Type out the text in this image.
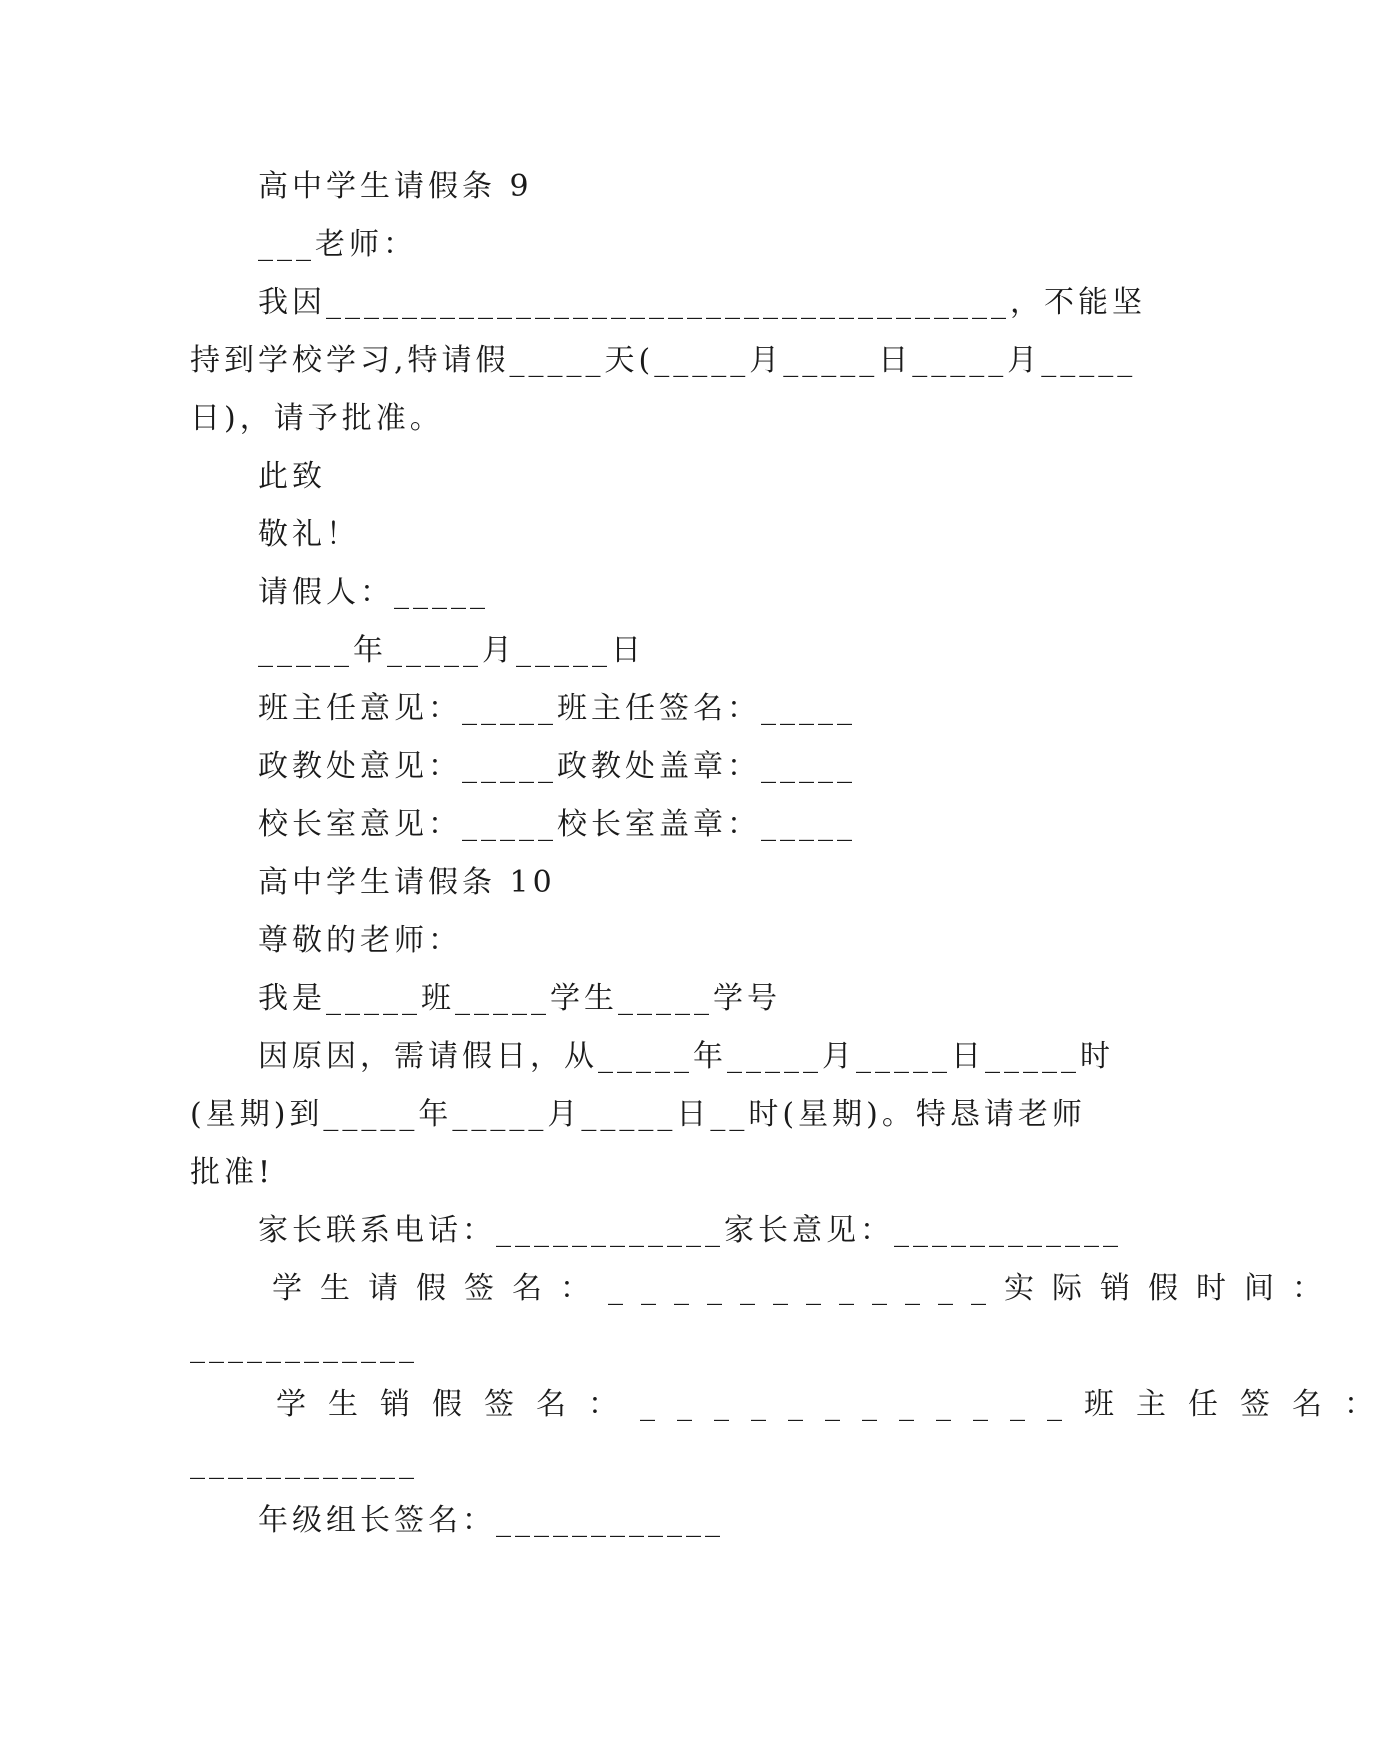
高中学生请假条 9
___老师：
我因____________________________________，不能坚
持到学校学习,特请假_____天(_____月_____日_____月_____
日)，请予批准。
此致
敬礼！
请假人：_____
_____年_____月_____日
班主任意见：_____班主任签名：_____
政教处意见：_____政教处盖章：_____
校长室意见：_____校长室盖章：_____
高中学生请假条 10
尊敬的老师：
我是_____班_____学生_____学号
因原因，需请假日，从_____年_____月_____日_____时
(星期)到_____年_____月_____日__时(星期)。特恳请老师
批准!
家长联系电话：____________家长意见：____________
学生请假签名：____________实际销假时间：
____________
学生销假签名：____________班主任签名：
____________
年级组长签名：____________
